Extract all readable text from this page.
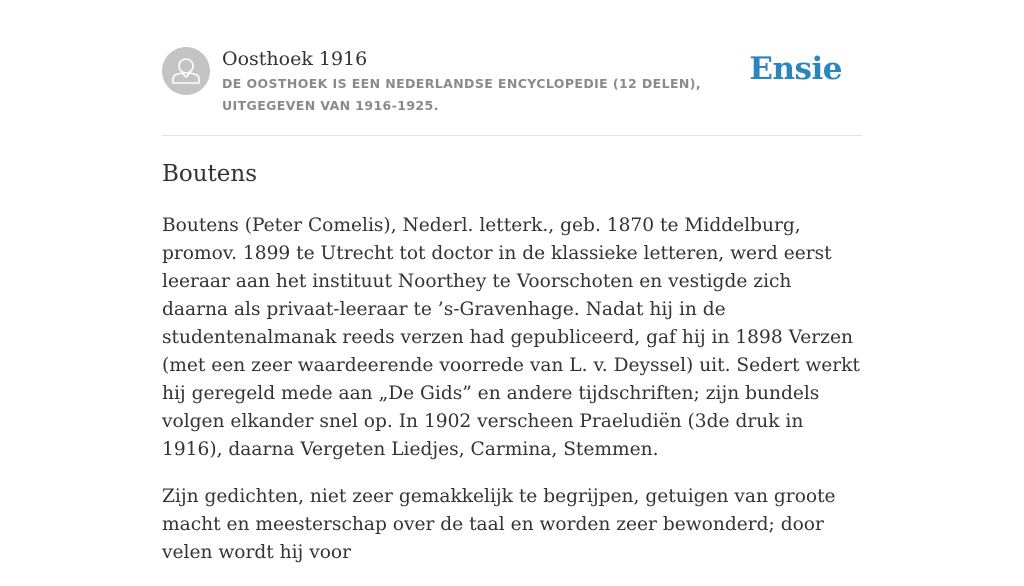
Oosthoek 1916
DE OOSTHOEK IS EEN NEDERLANDSE ENCYCLOPEDIE (12 DELEN), UITGEGEVEN VAN 1916-1925.
Ensie
Boutens

Boutens (Peter Comelis), Nederl. letterk., geb. 1870 te Middelburg, promov. 1899 te Utrecht tot doctor in de klassieke letteren, werd eerst leeraar aan het instituut Noorthey te Voorschoten en vestigde zich daarna als privaat-leeraar te ’s-Gravenhage. Nadat hij in de studentenalmanak reeds verzen had gepubliceerd, gaf hij in 1898 Verzen (met een zeer waardeerende voorrede van L. v. Deyssel) uit. Sedert werkt hij geregeld mede aan „De Gids” en andere tijdschriften; zijn bundels volgen elkander snel op. In 1902 verscheen Praeludiën (3de druk in 1916), daarna Vergeten Liedjes, Carmina, Stemmen.

Zijn gedichten, niet zeer gemakkelijk te begrijpen, getuigen van groote macht en meesterschap over de taal en worden zeer bewonderd; door velen wordt hij voor
